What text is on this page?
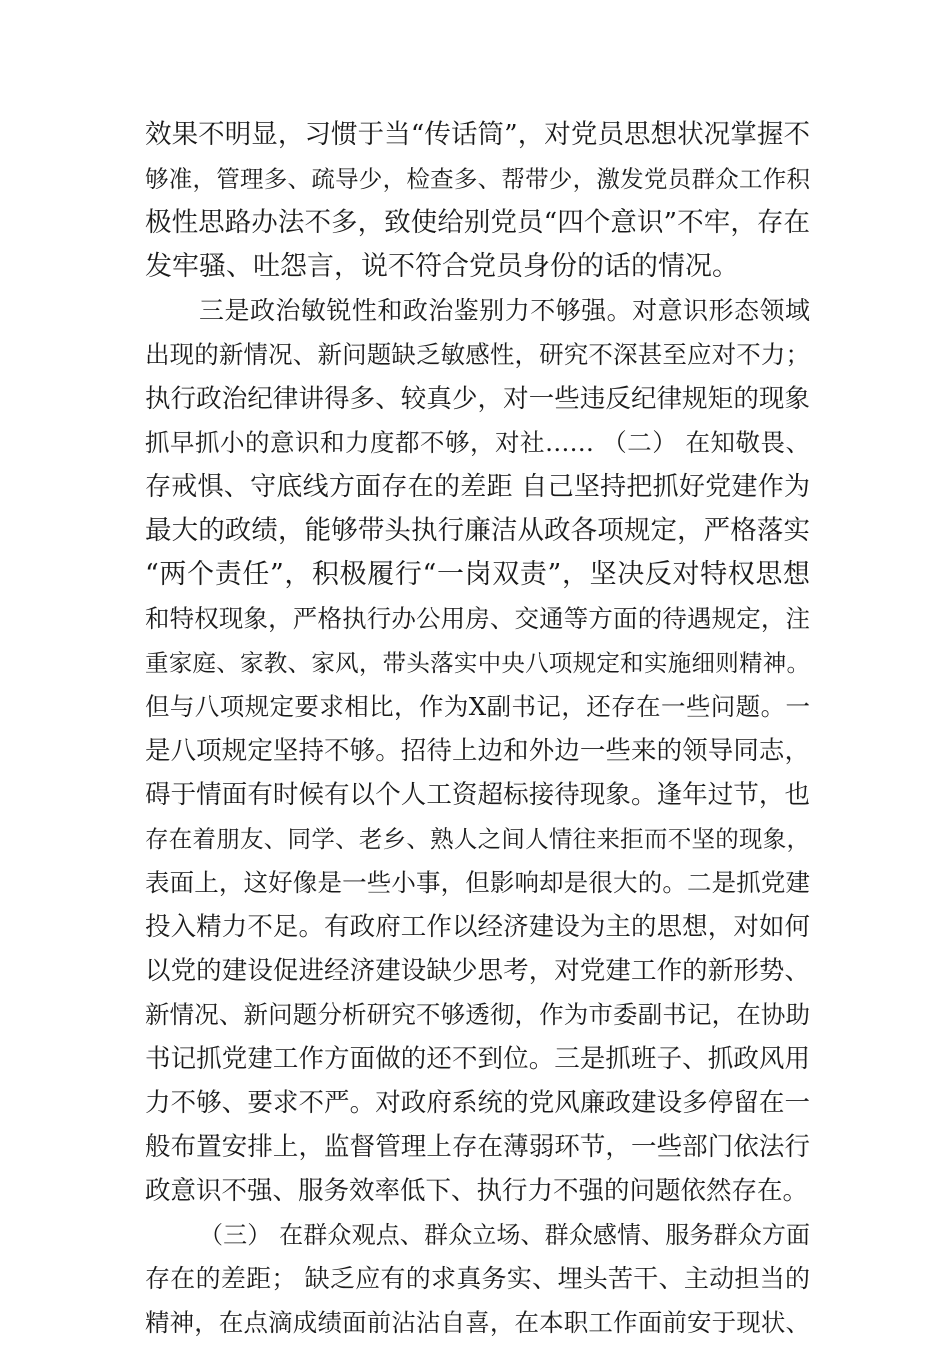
效果不明显，习惯于当“传话筒”，对党员思想状况掌握不
够准，管理多、疏导少，检查多、帮带少，激发党员群众工作积
极性思路办法不多，致使给别党员“四个意识”不牢，存在
发牢骚、吐怨言，说不符合党员身份的话的情况。
三是政治敏锐性和政治鉴别力不够强。对意识形态领域
出现的新情况、新问题缺乏敏感性，研究不深甚至应对不力；
执行政治纪律讲得多、较真少，对一些违反纪律规矩的现象
抓早抓小的意识和力度都不够，对社…… （二） 在知敬畏、
存戒惧、守底线方面存在的差距 自己坚持把抓好党建作为
最大的政绩，能够带头执行廉洁从政各项规定，严格落实
“两个责任”，积极履行“一岗双责”，坚决反对特权思想
和特权现象，严格执行办公用房、交通等方面的待遇规定，注
重家庭、家教、家风，带头落实中央八项规定和实施细则精神。
但与八项规定要求相比，作为X副书记，还存在一些问题。一
是八项规定坚持不够。招待上边和外边一些来的领导同志，
碍于情面有时候有以个人工资超标接待现象。逢年过节，也
存在着朋友、同学、老乡、熟人之间人情往来拒而不坚的现象，
表面上，这好像是一些小事，但影响却是很大的。二是抓党建
投入精力不足。有政府工作以经济建设为主的思想，对如何
以党的建设促进经济建设缺少思考，对党建工作的新形势、
新情况、新问题分析研究不够透彻，作为市委副书记，在协助
书记抓党建工作方面做的还不到位。三是抓班子、抓政风用
力不够、要求不严。对政府系统的党风廉政建设多停留在一
般布置安排上，监督管理上存在薄弱环节，一些部门依法行
政意识不强、服务效率低下、执行力不强的问题依然存在。
（三） 在群众观点、群众立场、群众感情、服务群众方面
存在的差距； 缺乏应有的求真务实、埋头苦干、主动担当的
精神，在点滴成绩面前沾沾自喜，在本职工作面前安于现状、
